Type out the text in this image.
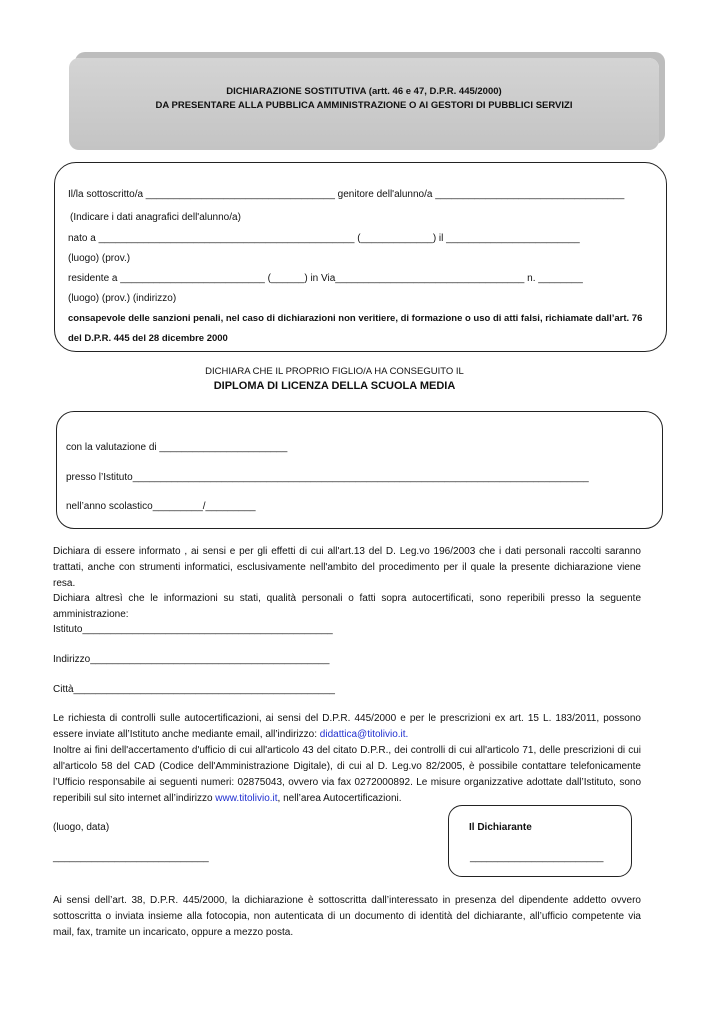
DICHIARAZIONE SOSTITUTIVA (artt. 46 e 47, D.P.R. 445/2000)
DA PRESENTARE ALLA PUBBLICA AMMINISTRAZIONE O AI GESTORI DI PUBBLICI SERVIZI
Il/la sottoscritto/a __________________________________ genitore dell'alunno/a __________________________________
(Indicare i dati anagrafici dell'alunno/a)
nato a ______________________________________________ (_____________) il ________________________
(luogo) (prov.)
residente a __________________________ (______) in Via__________________________________ n. ________
(luogo) (prov.) (indirizzo)
consapevole delle sanzioni penali, nel caso di dichiarazioni non veritiere, di formazione o uso di atti falsi, richiamate dall’art. 76
del D.P.R. 445 del 28 dicembre 2000
DICHIARA CHE IL PROPRIO FIGLIO/A HA CONSEGUITO IL
DIPLOMA DI LICENZA DELLA SCUOLA MEDIA
con la valutazione di _______________________
presso l’Istituto__________________________________________________________________________________
nell’anno scolastico_________/_________
Dichiara di essere informato , ai sensi e per gli effetti di cui all'art.13 del D. Leg.vo 196/2003 che i dati personali raccolti saranno trattati, anche con strumenti informatici, esclusivamente nell'ambito del procedimento per il quale la presente dichiarazione viene resa.
Dichiara altresì che le informazioni su stati, qualità personali o fatti sopra autocertificati, sono reperibili presso la seguente amministrazione:
Istituto_____________________________________________
Indirizzo___________________________________________
Città_______________________________________________
Le richiesta di controlli sulle autocertificazioni, ai sensi del D.P.R. 445/2000 e per le prescrizioni ex art. 15 L. 183/2011, possono essere inviate all’Istituto anche mediante email, all’indirizzo: didattica@titolivio.it.
Inoltre ai fini dell'accertamento d'ufficio di cui all'articolo 43 del citato D.P.R., dei controlli di cui all'articolo 71, delle prescrizioni di cui all'articolo 58 del CAD (Codice dell'Amministrazione Digitale), di cui al D. Leg.vo 82/2005, è possibile contattare telefonicamente l’Ufficio responsabile ai seguenti numeri: 02875043, ovvero via fax 0272000892. Le misure organizzative adottate dall’Istituto, sono reperibili sul sito internet all’indirizzo www.titolivio.it, nell’area Autocertificazioni.
(luogo, data)
____________________________
Il Dichiarante
________________________
Ai sensi dell’art. 38, D.P.R. 445/2000, la dichiarazione è sottoscritta dall’interessato in presenza del dipendente addetto ovvero sottoscritta o inviata insieme alla fotocopia, non autenticata di un documento di identità del dichiarante, all’ufficio competente via mail, fax, tramite un incaricato, oppure a mezzo posta.
